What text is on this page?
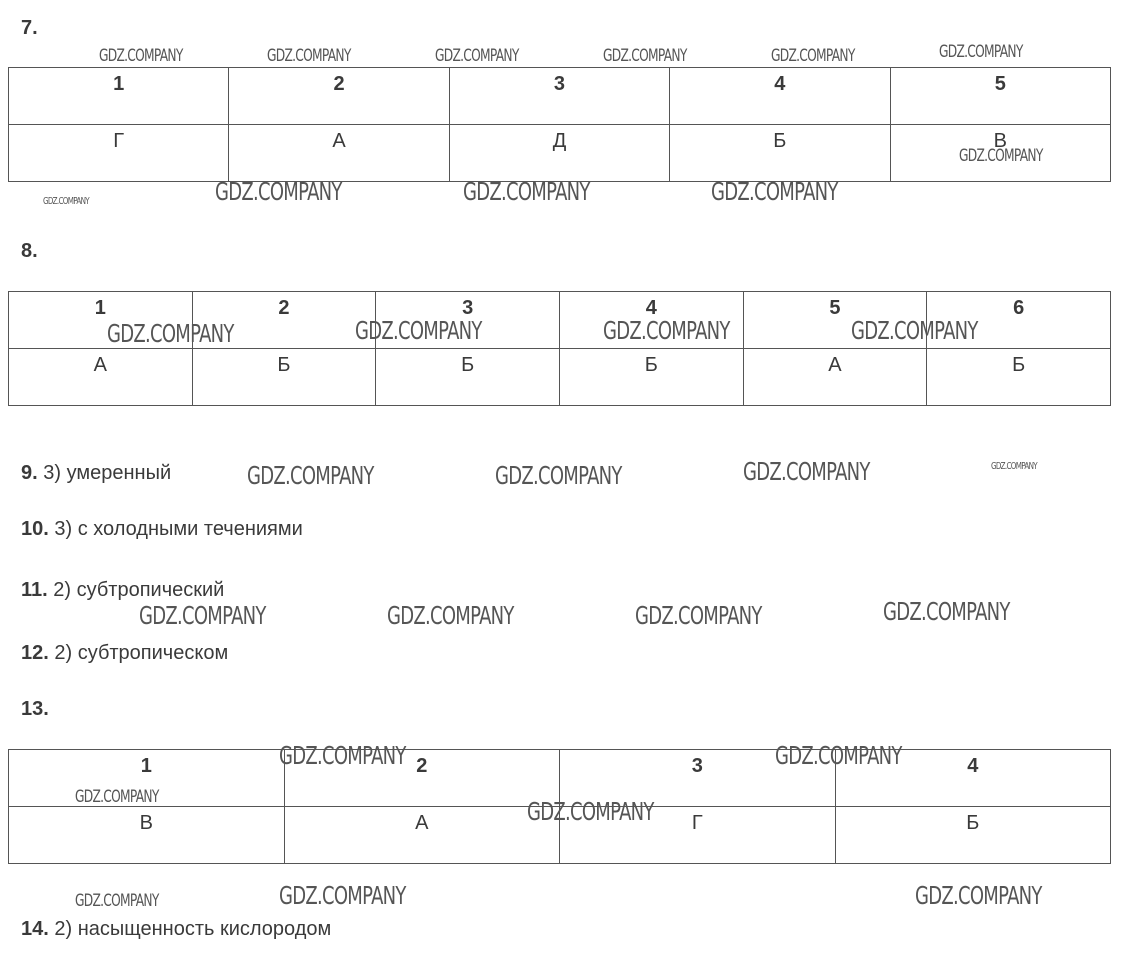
7.
1	2	3	4	5
Г	А	Д	Б	В
8.
1	2	3	4	5	6
А	Б	Б	Б	А	Б
9. 3) умеренный
10. 3) с холодными течениями
11. 2) субтропический
12. 2) субтропическом
13.
1	2	3	4
В	А	Г	Б
14. 2) насыщенность кислородом
GDZ.COMPANY	GDZ.COMPANY	GDZ.COMPANY	GDZ.COMPANY	GDZ.COMPANY	GDZ.COMPANY
GDZ.COMPANY
GDZ.COMPANY	GDZ.COMPANY	GDZ.COMPANY	GDZ.COMPANY
GDZ.COMPANY	GDZ.COMPANY	GDZ.COMPANY	GDZ.COMPANY
GDZ.COMPANY	GDZ.COMPANY	GDZ.COMPANY	GDZ.COMPANY
GDZ.COMPANY	GDZ.COMPANY	GDZ.COMPANY	GDZ.COMPANY
GDZ.COMPANY	GDZ.COMPANY
GDZ.COMPANY	GDZ.COMPANY
GDZ.COMPANY	GDZ.COMPANY	GDZ.COMPANY
